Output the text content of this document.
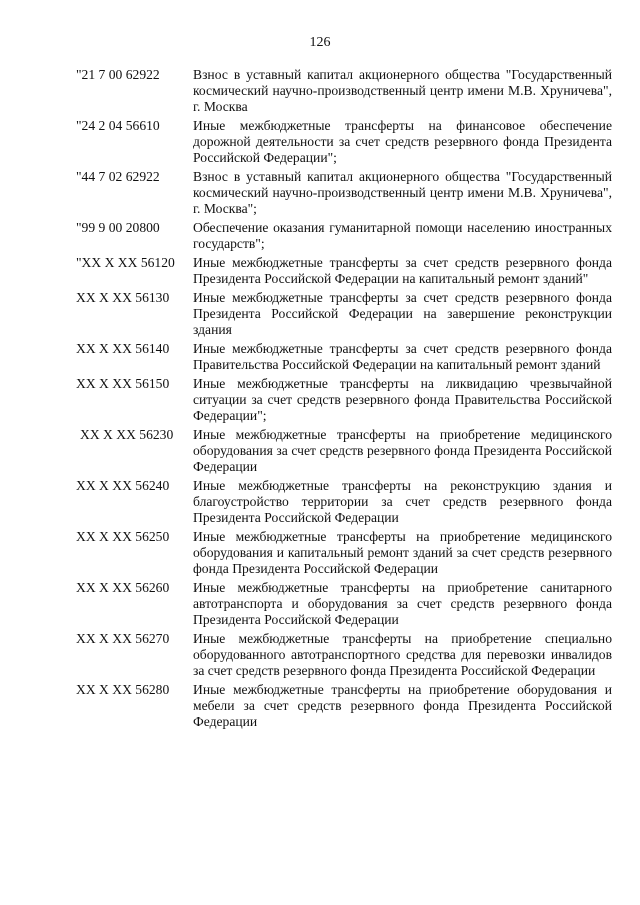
126
"21 7 00 62922	Взнос в уставный капитал акционерного общества "Государственный космический научно-производственный центр имени М.В. Хруничева", г. Москва
"24 2 04 56610	Иные межбюджетные трансферты на финансовое обеспечение дорожной деятельности за счет средств резервного фонда Президента Российской Федерации";
"44 7 02 62922	Взнос в уставный капитал акционерного общества "Государственный космический научно-производственный центр имени М.В. Хруничева", г. Москва";
"99 9 00 20800	Обеспечение оказания гуманитарной помощи населению иностранных государств";
"ХХ Х ХХ 56120	Иные межбюджетные трансферты за счет средств резервного фонда Президента Российской Федерации на капитальный ремонт зданий"
ХХ Х ХХ 56130	Иные межбюджетные трансферты за счет средств резервного фонда Президента Российской Федерации на завершение реконструкции здания
ХХ Х ХХ 56140	Иные межбюджетные трансферты за счет средств резервного фонда Правительства Российской Федерации на капитальный ремонт зданий
ХХ Х ХХ 56150	Иные межбюджетные трансферты на ликвидацию чрезвычайной ситуации за счет средств резервного фонда Правительства Российской Федерации";
ХХ Х ХХ 56230	Иные межбюджетные трансферты на приобретение медицинского оборудования за счет средств резервного фонда Президента Российской Федерации
ХХ Х ХХ 56240	Иные межбюджетные трансферты на реконструкцию здания и благоустройство территории за счет средств резервного фонда Президента Российской Федерации
ХХ Х ХХ 56250	Иные межбюджетные трансферты на приобретение медицинского оборудования и капитальный ремонт зданий за счет средств резервного фонда Президента Российской Федерации
ХХ Х ХХ 56260	Иные межбюджетные трансферты на приобретение санитарного автотранспорта и оборудования за счет средств резервного фонда Президента Российской Федерации
ХХ Х ХХ 56270	Иные межбюджетные трансферты на приобретение специально оборудованного автотранспортного средства для перевозки инвалидов за счет средств резервного фонда Президента Российской Федерации
ХХ Х ХХ 56280	Иные межбюджетные трансферты на приобретение оборудования и мебели за счет средств резервного фонда Президента Российской Федерации
